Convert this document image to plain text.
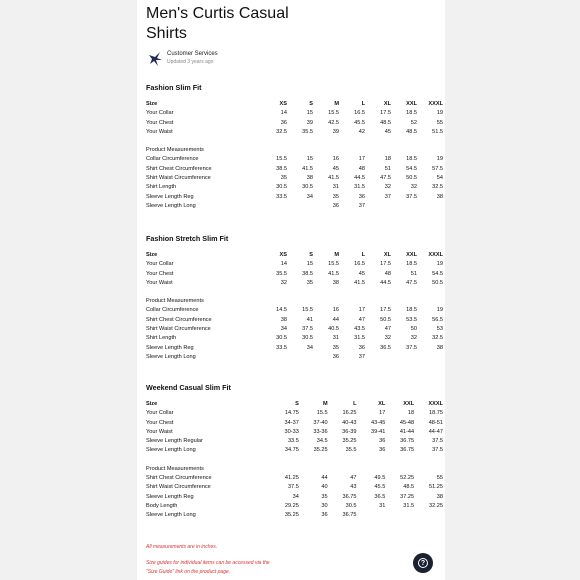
Men's Curtis Casual Shirts
Customer Services
Updated 3 years ago
Fashion Slim Fit
Size	XS	S	M	L	XL	XXL	XXXL
Your Collar	14	15	15.5	16.5	17.5	18.5	19
Your Chest	36	39	42.5	45.5	48.5	52	55
Your Waist	32.5	35.5	39	42	45	48.5	51.5

Product Measurements							
Collar Circumference	15.5	15	16	17	18	18.5	19
Shirt Chest Circumference	38.5	41.5	45	48	51	54.5	57.5
Shirt Waist Circumference	35	38	41.5	44.5	47.5	50.5	54
Shirt Length	30.5	30.5	31	31.5	32	32	32.5
Sleeve Length Reg	33.5	34	35	36	37	37.5	38
Sleeve Length Long			36	37			
Fashion Stretch Slim Fit
Size	XS	S	M	L	XL	XXL	XXXL
Your Collar	14	15	15.5	16.5	17.5	18.5	19
Your Chest	35.5	38.5	41.5	45	48	51	54.5
Your Waist	32	35	38	41.5	44.5	47.5	50.5

Product Measurements							
Collar Circumference	14.5	15.5	16	17	17.5	18.5	19
Shirt Chest Circumference	38	41	44	47	50.5	53.5	56.5
Shirt Waist Circumference	34	37.5	40.5	43.5	47	50	53
Shirt Length	30.5	30.5	31	31.5	32	32	32.5
Sleeve Length Reg	33.5	34	35	36	36.5	37.5	38
Sleeve Length Long			36	37			
Weekend Casual Slim Fit
Size	S	M	L	XL	XXL	XXXL
Your Collar	14.75	15.5	16.25	17	18	18.75
Your Chest	34-37	37-40	40-43	43-45	45-48	48-51
Your Waist	30-33	33-36	36-39	39-41	41-44	44-47
Sleeve Length Regular	33.5	34.5	35.25	36	36.75	37.5
Sleeve Length Long	34.75	35.25	35.5	36	36.75	37.5

Product Measurements						
Shirt Chest Circumference	41.25	44	47	49.5	52.25	55
Shirt Waist Circumference	37.5	40	43	45.5	48.5	51.25
Sleeve Length Reg	34	35	36.75	36.5	37.25	38
Body Length	29.25	30	30.5	31	31.5	32.25
Sleeve Length Long	35.25	36	36.75			
All measurements are in inches.
Size guides for individual items can be accessed via the
"Size Guide" link on the product page.
?
